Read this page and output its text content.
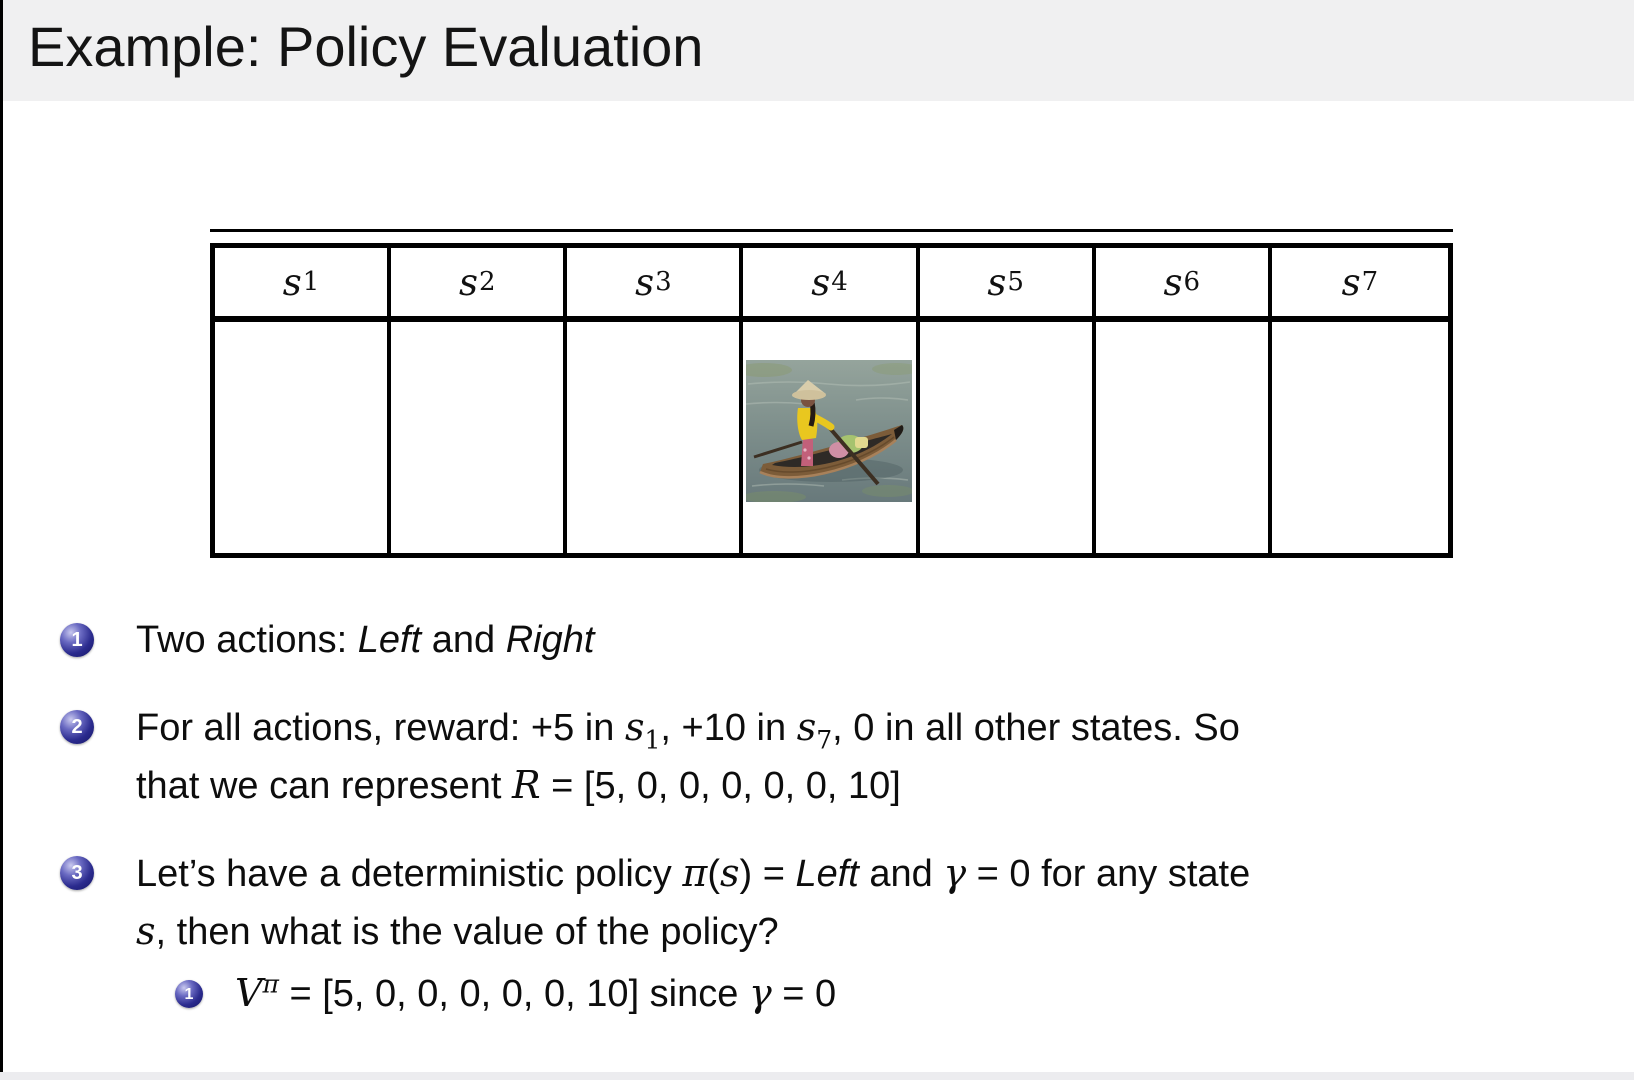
Example: Policy Evaluation
s 1	s 2	s 3	s 4	s 5	s 6	s 7
1	Two actions: Left and Right
2	For all actions, reward: +5 in $s_1$, +10 in $s_7$, 0 in all other states. So
that we can represent R = [5, 0, 0, 0, 0, 0, 10]
3	Let’s have a deterministic policy π(s) = Left and γ = 0 for any state
s, then what is the value of the policy?
1 $V^\pi = [5$, 0, 0, 0, 0, 0, 10] since γ = 0
